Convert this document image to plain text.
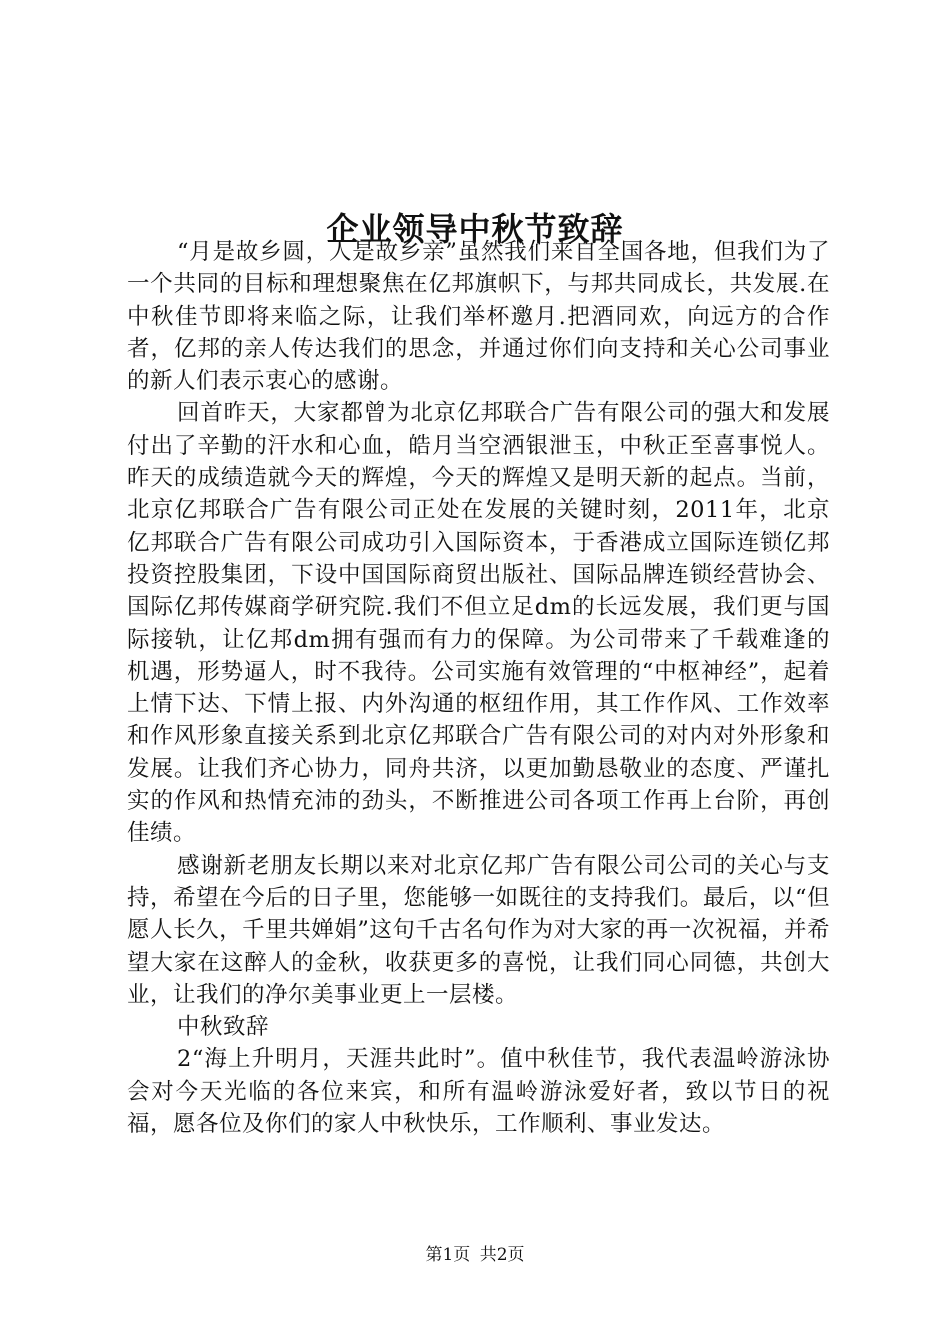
企业领导中秋节致辞

“月是故乡圆，人是故乡亲”虽然我们来自全国各地，但我们为了一个共同的目标和理想聚焦在亿邦旗帜下，与邦共同成长，共发展.在中秋佳节即将来临之际，让我们举杯邀月.把酒同欢，向远方的合作者，亿邦的亲人传达我们的思念，并通过你们向支持和关心公司事业的新人们表示衷心的感谢。

回首昨天，大家都曾为北京亿邦联合广告有限公司的强大和发展付出了辛勤的汗水和心血，皓月当空洒银泄玉，中秋正至喜事悦人。昨天的成绩造就今天的辉煌，今天的辉煌又是明天新的起点。当前，北京亿邦联合广告有限公司正处在发展的关键时刻，2011年，北京亿邦联合广告有限公司成功引入国际资本，于香港成立国际连锁亿邦投资控股集团，下设中国国际商贸出版社、国际品牌连锁经营协会、国际亿邦传媒商学研究院.我们不但立足dm的长远发展，我们更与国际接轨，让亿邦dm拥有强而有力的保障。为公司带来了千载难逢的机遇，形势逼人，时不我待。公司实施有效管理的“中枢神经”，起着上情下达、下情上报、内外沟通的枢纽作用，其工作作风、工作效率和作风形象直接关系到北京亿邦联合广告有限公司的对内对外形象和发展。让我们齐心协力，同舟共济，以更加勤恳敬业的态度、严谨扎实的作风和热情充沛的劲头，不断推进公司各项工作再上台阶，再创佳绩。

感谢新老朋友长期以来对北京亿邦广告有限公司公司的关心与支持，希望在今后的日子里，您能够一如既往的支持我们。最后，以“但愿人长久，千里共婵娟”这句千古名句作为对大家的再一次祝福，并希望大家在这醉人的金秋，收获更多的喜悦，让我们同心同德，共创大业，让我们的净尔美事业更上一层楼。

中秋致辞

2“海上升明月，天涯共此时”。值中秋佳节，我代表温岭游泳协会对今天光临的各位来宾，和所有温岭游泳爱好者，致以节日的祝福，愿各位及你们的家人中秋快乐，工作顺利、事业发达。

第1页 共2页
